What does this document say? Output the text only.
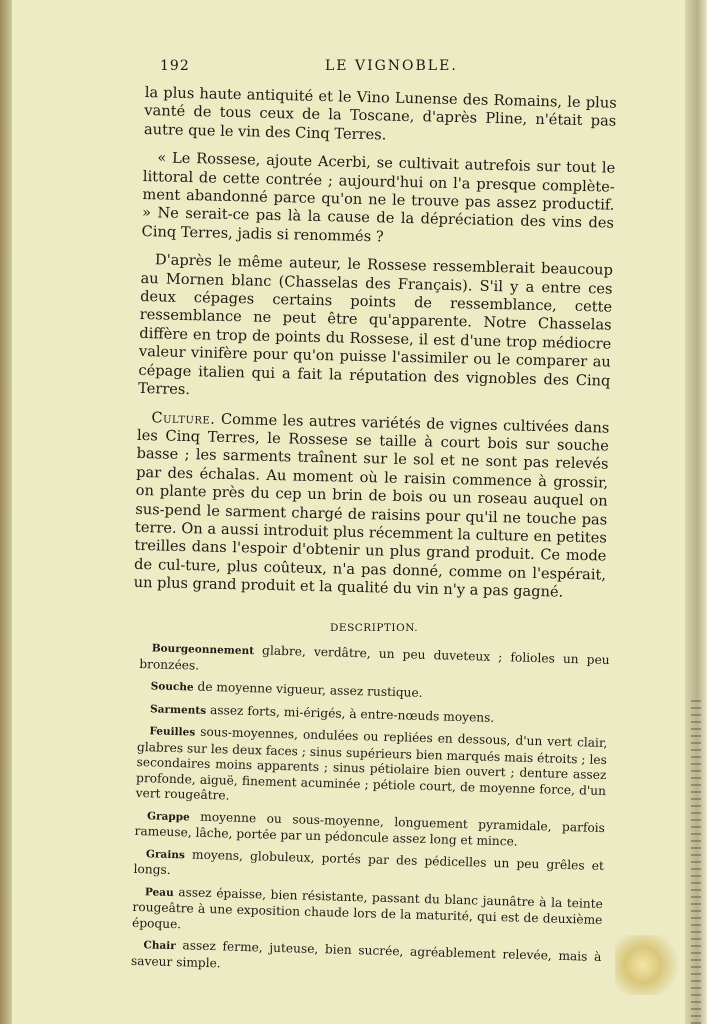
192	LE VIGNOBLE.

la plus haute antiquité et le Vino Lunense des Romains, le plus vanté de tous ceux de la Toscane, d'après Pline, n'était pas autre que le vin des Cinq Terres.

« Le Rossese, ajoute Acerbi, se cultivait autrefois sur tout le littoral de cette contrée ; aujourd'hui on l'a presque complète-ment abandonné parce qu'on ne le trouve pas assez productif. » Ne serait-ce pas là la cause de la dépréciation des vins des Cinq Terres, jadis si renommés ?

D'après le même auteur, le Rossese ressemblerait beaucoup au Mornen blanc (Chasselas des Français). S'il y a entre ces deux cépages certains points de ressemblance, cette ressemblance ne peut être qu'apparente. Notre Chasselas diffère en trop de points du Rossese, il est d'une trop médiocre valeur vinifère pour qu'on puisse l'assimiler ou le comparer au cépage italien qui a fait la réputation des vignobles des Cinq Terres.

Culture. Comme les autres variétés de vignes cultivées dans les Cinq Terres, le Rossese se taille à court bois sur souche basse ; les sarments traînent sur le sol et ne sont pas relevés par des échalas. Au moment où le raisin commence à grossir, on plante près du cep un brin de bois ou un roseau auquel on sus-pend le sarment chargé de raisins pour qu'il ne touche pas terre. On a aussi introduit plus récemment la culture en petites treilles dans l'espoir d'obtenir un plus grand produit. Ce mode de cul-ture, plus coûteux, n'a pas donné, comme on l'espérait, un plus grand produit et la qualité du vin n'y a pas gagné.

DESCRIPTION.

Bourgeonnement glabre, verdâtre, un peu duveteux ; folioles un peu bronzées.

Souche de moyenne vigueur, assez rustique.

Sarments assez forts, mi-érigés, à entre-nœuds moyens.

Feuilles sous-moyennes, ondulées ou repliées en dessous, d'un vert clair, glabres sur les deux faces ; sinus supérieurs bien marqués mais étroits ; les secondaires moins apparents ; sinus pétiolaire bien ouvert ; denture assez profonde, aiguë, finement acuminée ; pétiole court, de moyenne force, d'un vert rougeâtre.

Grappe moyenne ou sous-moyenne, longuement pyramidale, parfois rameuse, lâche, portée par un pédoncule assez long et mince.

Grains moyens, globuleux, portés par des pédicelles un peu grêles et longs.

Peau assez épaisse, bien résistante, passant du blanc jaunâtre à la teinte rougeâtre à une exposition chaude lors de la maturité, qui est de deuxième époque.

Chair assez ferme, juteuse, bien sucrée, agréablement relevée, mais à saveur simple.
